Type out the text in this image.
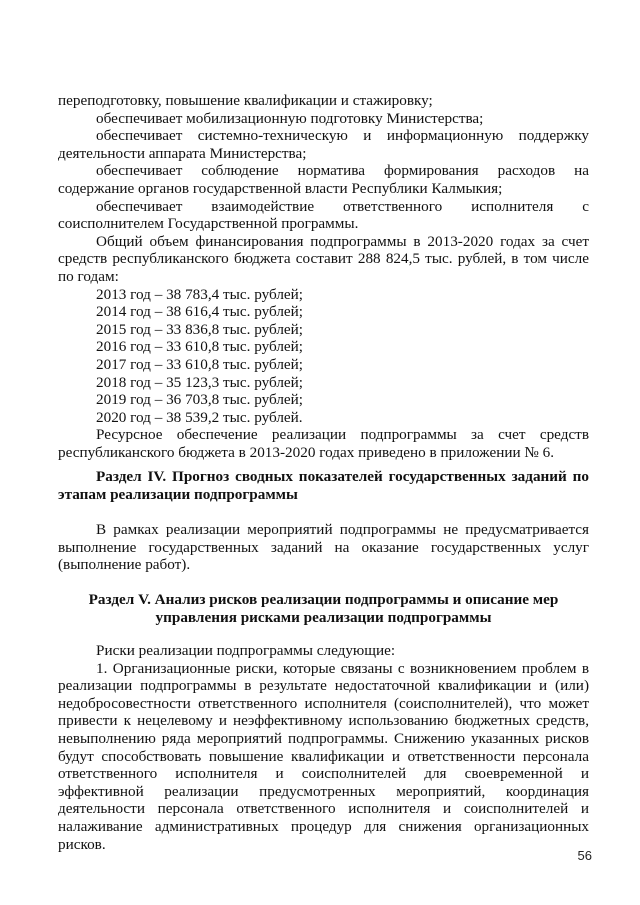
переподготовку, повышение квалификации и стажировку;

обеспечивает мобилизационную подготовку Министерства;

обеспечивает системно-техническую и информационную поддержку деятельности аппарата Министерства;

обеспечивает соблюдение норматива формирования расходов на содержание органов государственной власти Республики Калмыкия;

обеспечивает взаимодействие ответственного исполнителя с соисполнителем Государственной программы.

Общий объем финансирования подпрограммы в 2013-2020 годах за счет средств республиканского бюджета составит 288 824,5 тыс. рублей, в том числе по годам:

2013 год – 38 783,4 тыс. рублей;

2014 год – 38 616,4 тыс. рублей;

2015 год – 33 836,8 тыс. рублей;

2016 год – 33 610,8 тыс. рублей;

2017 год – 33 610,8 тыс. рублей;

2018 год – 35 123,3 тыс. рублей;

2019 год – 36 703,8 тыс. рублей;

2020 год – 38 539,2 тыс. рублей.

Ресурсное обеспечение реализации подпрограммы за счет средств республиканского бюджета в 2013-2020 годах приведено в приложении № 6.

Раздел IV. Прогноз сводных показателей государственных заданий по этапам реализации подпрограммы

В рамках реализации мероприятий подпрограммы не предусматривается выполнение государственных заданий на оказание государственных услуг (выполнение работ).

Раздел V. Анализ рисков реализации подпрограммы и описание мер

управления рисками реализации подпрограммы

Риски реализации подпрограммы следующие:

1. Организационные риски, которые связаны с возникновением проблем в реализации подпрограммы в результате недостаточной квалификации и (или) недобросовестности ответственного исполнителя (соисполнителей), что может привести к нецелевому и неэффективному использованию бюджетных средств, невыполнению ряда мероприятий подпрограммы. Снижению указанных рисков будут способствовать повышение квалификации и ответственности персонала ответственного исполнителя и соисполнителей для своевременной и эффективной реализации предусмотренных мероприятий, координация деятельности персонала ответственного исполнителя и соисполнителей и налаживание административных процедур для снижения организационных рисков.

56
